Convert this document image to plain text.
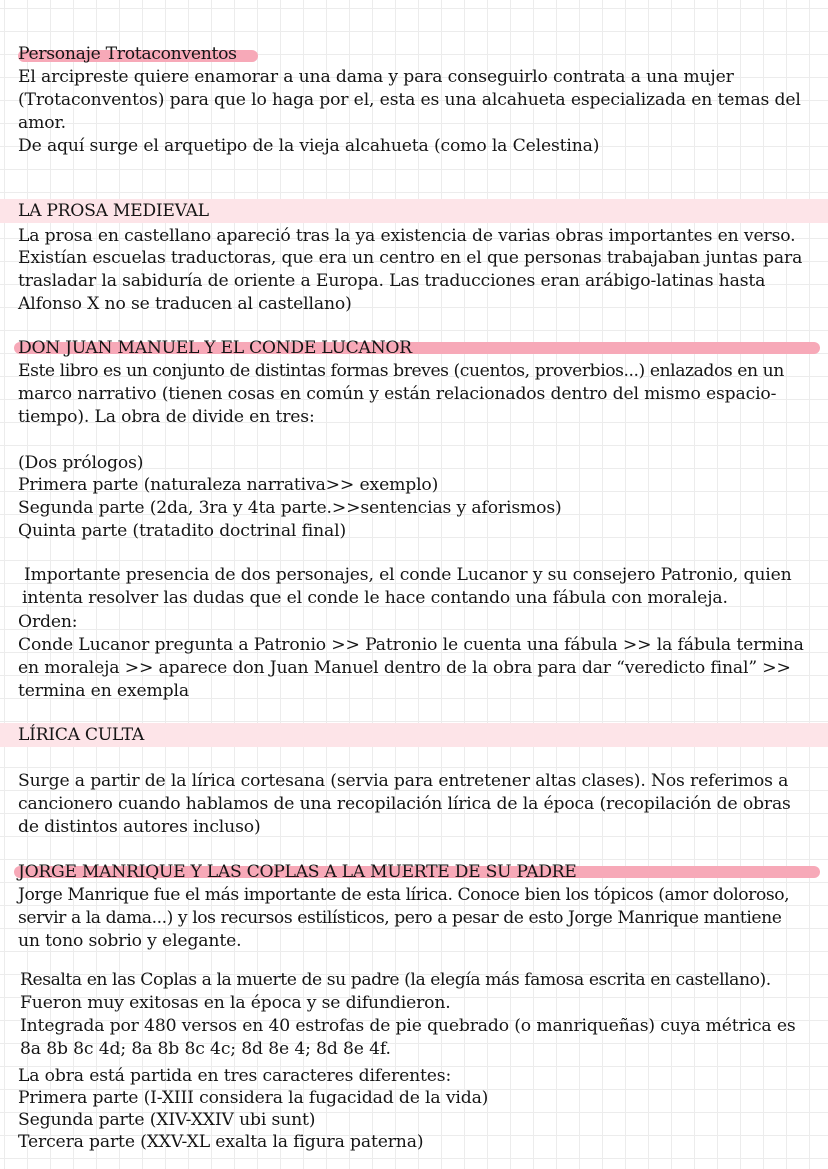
Personaje Trotaconventos
El arcipreste quiere enamorar a una dama y para conseguirlo contrata a una mujer
(Trotaconventos) para que lo haga por el, esta es una alcahueta especializada en temas del
amor.
De aquí surge el arquetipo de la vieja alcahueta (como la Celestina)
LA PROSA MEDIEVAL
La prosa en castellano apareció tras la ya existencia de varias obras importantes en verso.
Existían escuelas traductoras, que era un centro en el que personas trabajaban juntas para
trasladar la sabiduría de oriente a Europa. Las traducciones eran arábigo-latinas hasta
Alfonso X no se traducen al castellano)
DON JUAN MANUEL Y EL CONDE LUCANOR
Este libro es un conjunto de distintas formas breves (cuentos, proverbios...) enlazados en un
marco narrativo (tienen cosas en común y están relacionados dentro del mismo espacio-
tiempo). La obra de divide en tres:
(Dos prólogos)
Primera parte (naturaleza narrativa>> exemplo)
Segunda parte (2da, 3ra y 4ta parte.>>sentencias y aforismos)
Quinta parte (tratadito doctrinal final)
Importante presencia de dos personajes, el conde Lucanor y su consejero Patronio, quien
intenta resolver las dudas que el conde le hace contando una fábula con moraleja.
Orden:
Conde Lucanor pregunta a Patronio >> Patronio le cuenta una fábula >> la fábula termina
en moraleja >> aparece don Juan Manuel dentro de la obra para dar “veredicto final” >>
termina en exempla
LÍRICA CULTA
Surge a partir de la lírica cortesana (servia para entretener altas clases). Nos referimos a
cancionero cuando hablamos de una recopilación lírica de la época (recopilación de obras
de distintos autores incluso)
JORGE MANRIQUE Y LAS COPLAS A LA MUERTE DE SU PADRE
Jorge Manrique fue el más importante de esta lírica. Conoce bien los tópicos (amor doloroso,
servir a la dama...) y los recursos estilísticos, pero a pesar de esto Jorge Manrique mantiene
un tono sobrio y elegante.
Resalta en las Coplas a la muerte de su padre (la elegía más famosa escrita en castellano).
Fueron muy exitosas en la época y se difundieron.
Integrada por 480 versos en 40 estrofas de pie quebrado (o manriqueñas) cuya métrica es
8a 8b 8c 4d; 8a 8b 8c 4c; 8d 8e 4; 8d 8e 4f.
La obra está partida en tres caracteres diferentes:
Primera parte (I-XIII considera la fugacidad de la vida)
Segunda parte (XIV-XXIV ubi sunt)
Tercera parte (XXV-XL exalta la figura paterna)
